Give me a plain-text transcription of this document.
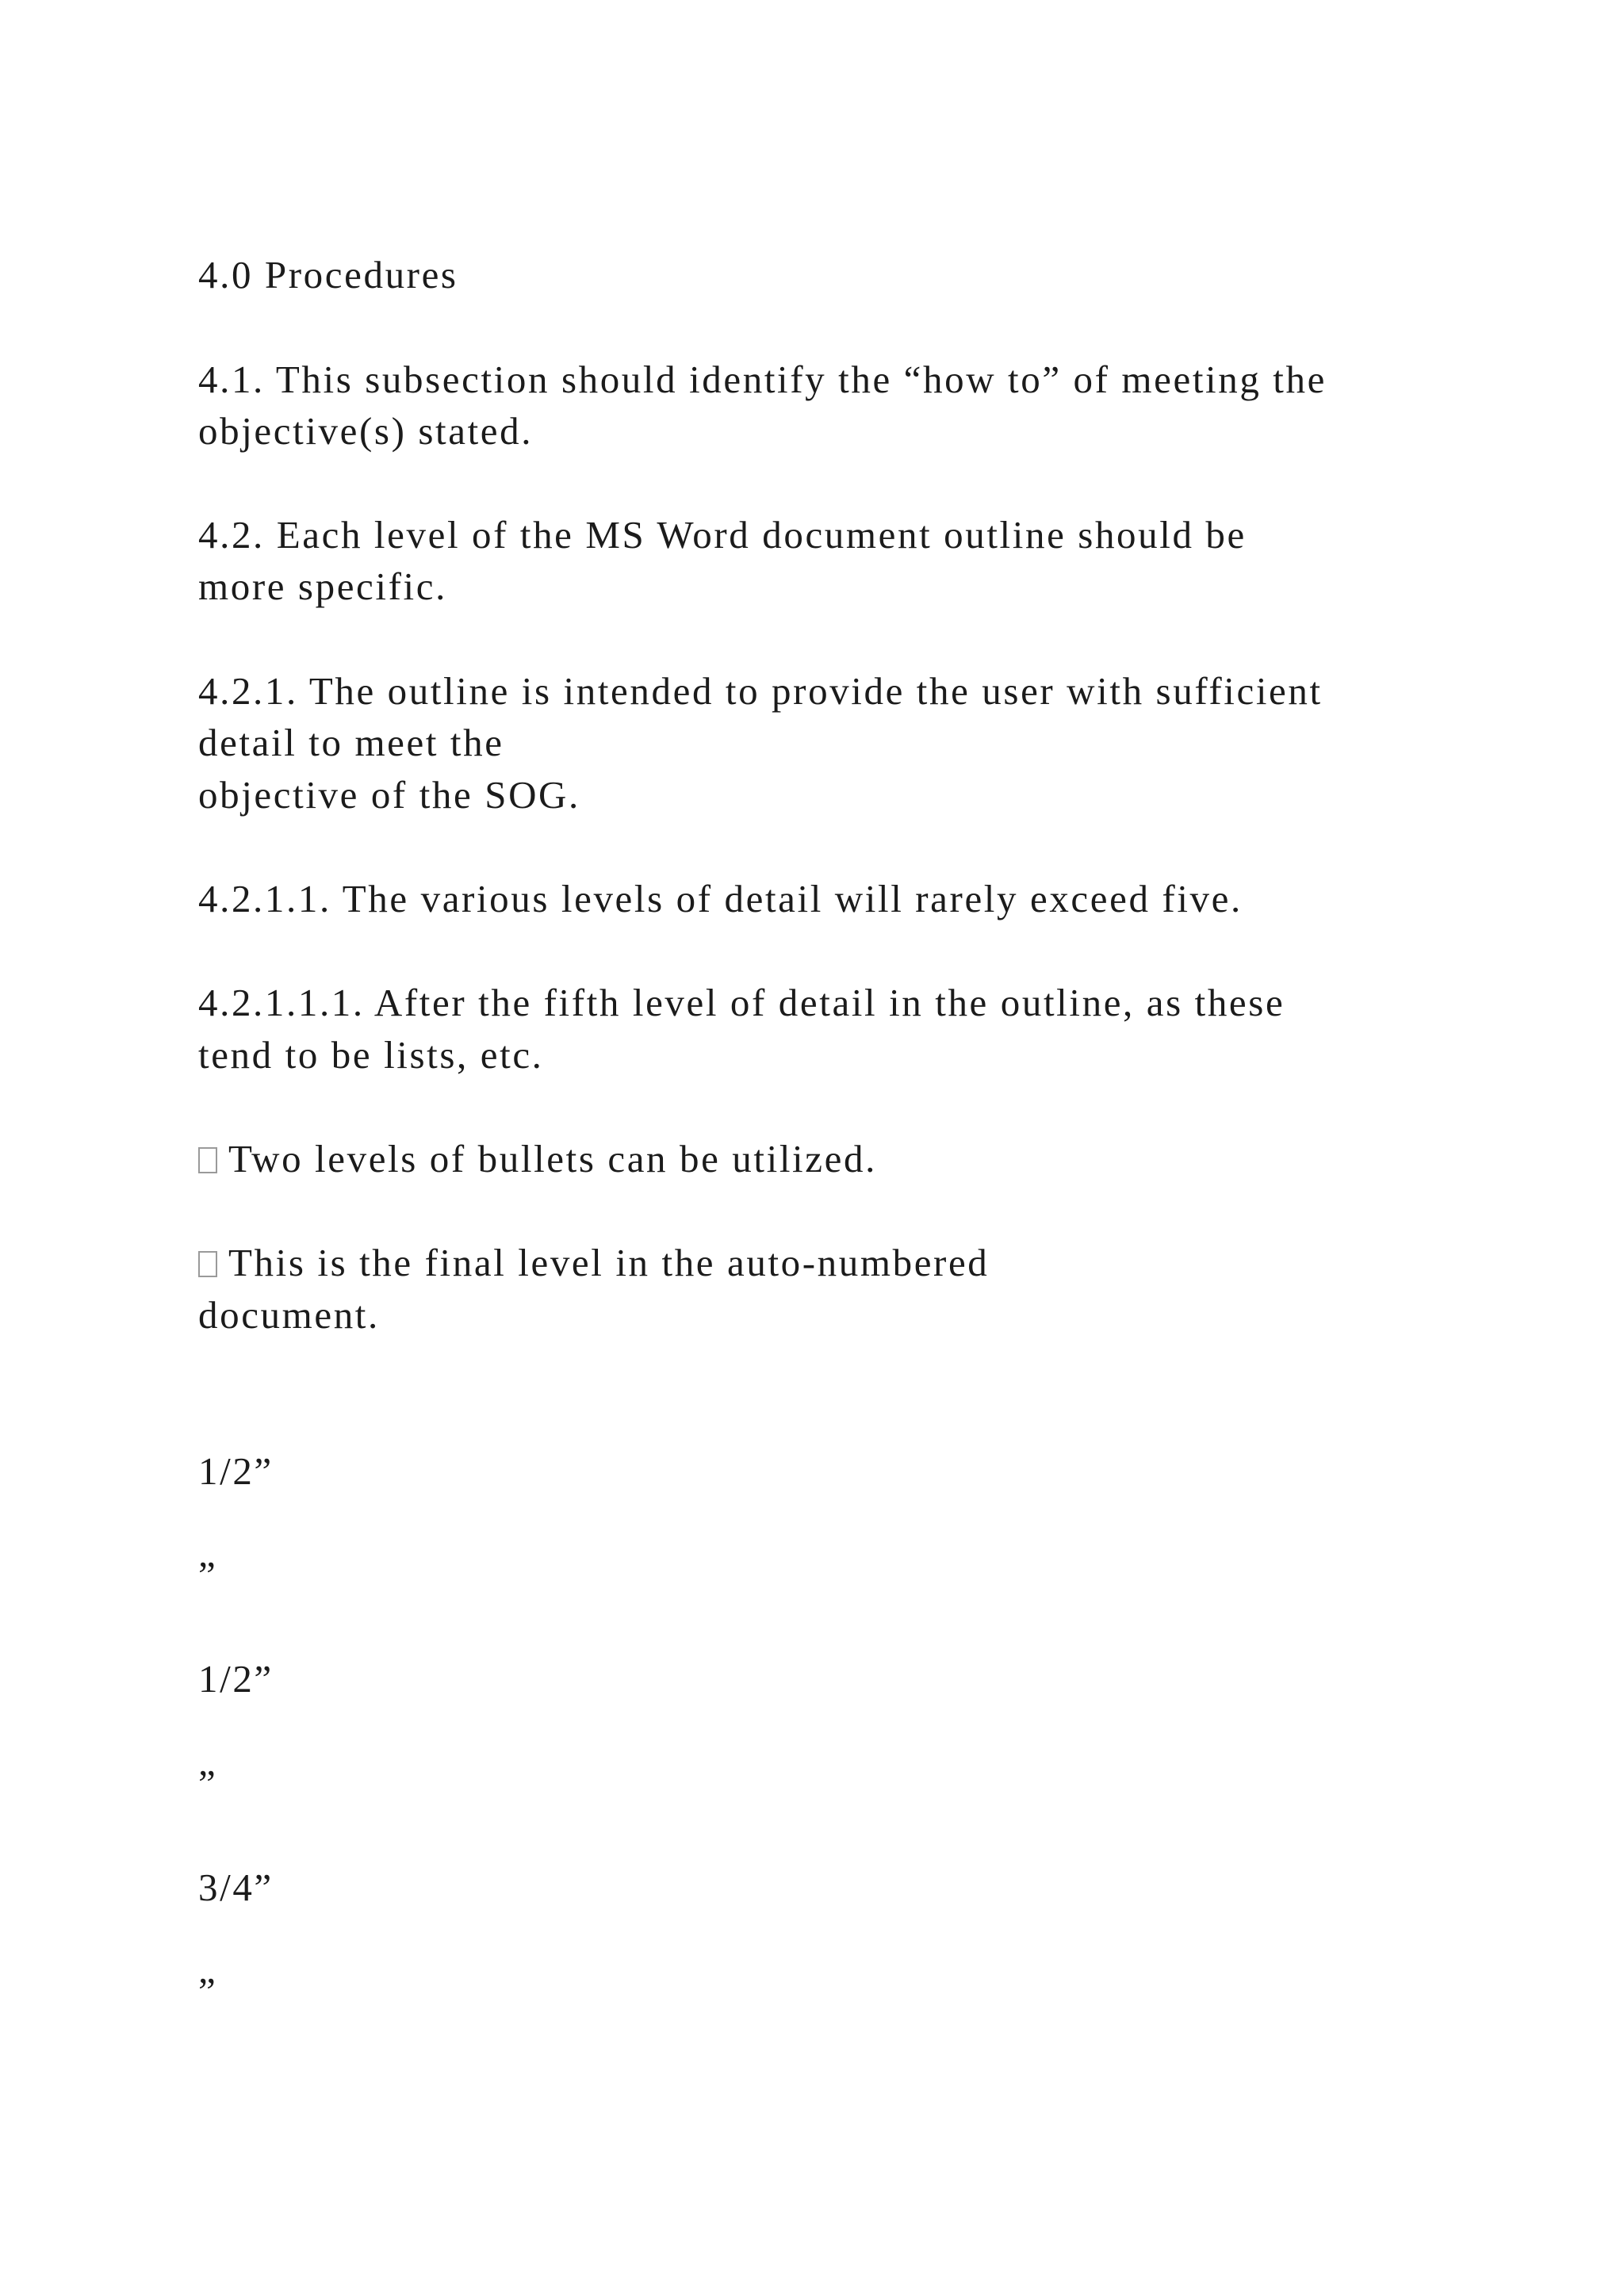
4.0 Procedures

4.1. This subsection should identify the “how to” of meeting the

objective(s) stated.

4.2. Each level of the MS Word document outline should be

more specific.

4.2.1. The outline is intended to provide the user with sufficient

detail to meet the

objective of the SOG.

4.2.1.1. The various levels of detail will rarely exceed five.

4.2.1.1.1. After the fifth level of detail in the outline, as these

tend to be lists, etc.

Two levels of bullets can be utilized.

This is the final level in the auto-numbered

document.

1/2”

”

1/2”

”

3/4”

”
